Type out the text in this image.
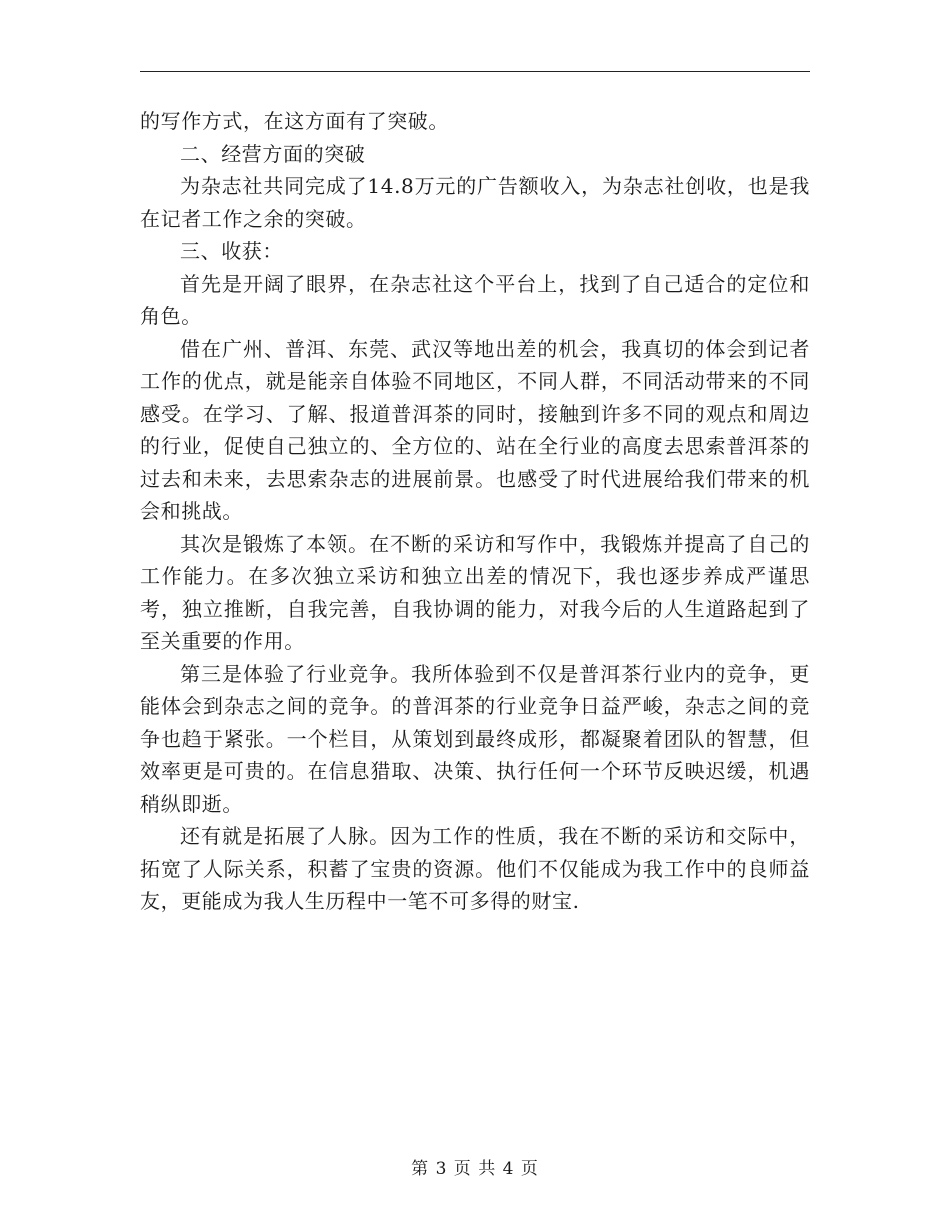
的写作方式，在这方面有了突破。

二、经营方面的突破

为杂志社共同完成了14.8万元的广告额收入，为杂志社创收，也是我在记者工作之余的突破。

三、收获：

首先是开阔了眼界，在杂志社这个平台上，找到了自己适合的定位和角色。

借在广州、普洱、东莞、武汉等地出差的机会，我真切的体会到记者工作的优点，就是能亲自体验不同地区，不同人群，不同活动带来的不同感受。在学习、了解、报道普洱茶的同时，接触到许多不同的观点和周边的行业，促使自己独立的、全方位的、站在全行业的高度去思索普洱茶的过去和未来，去思索杂志的进展前景。也感受了时代进展给我们带来的机会和挑战。

其次是锻炼了本领。在不断的采访和写作中，我锻炼并提高了自己的工作能力。在多次独立采访和独立出差的情况下，我也逐步养成严谨思考，独立推断，自我完善，自我协调的能力，对我今后的人生道路起到了至关重要的作用。

第三是体验了行业竞争。我所体验到不仅是普洱茶行业内的竞争，更能体会到杂志之间的竞争。的普洱茶的行业竞争日益严峻，杂志之间的竞争也趋于紧张。一个栏目，从策划到最终成形，都凝聚着团队的智慧，但效率更是可贵的。在信息猎取、决策、执行任何一个环节反映迟缓，机遇稍纵即逝。

还有就是拓展了人脉。因为工作的性质，我在不断的采访和交际中，拓宽了人际关系，积蓄了宝贵的资源。他们不仅能成为我工作中的良师益友，更能成为我人生历程中一笔不可多得的财宝.

第 3 页 共 4 页
